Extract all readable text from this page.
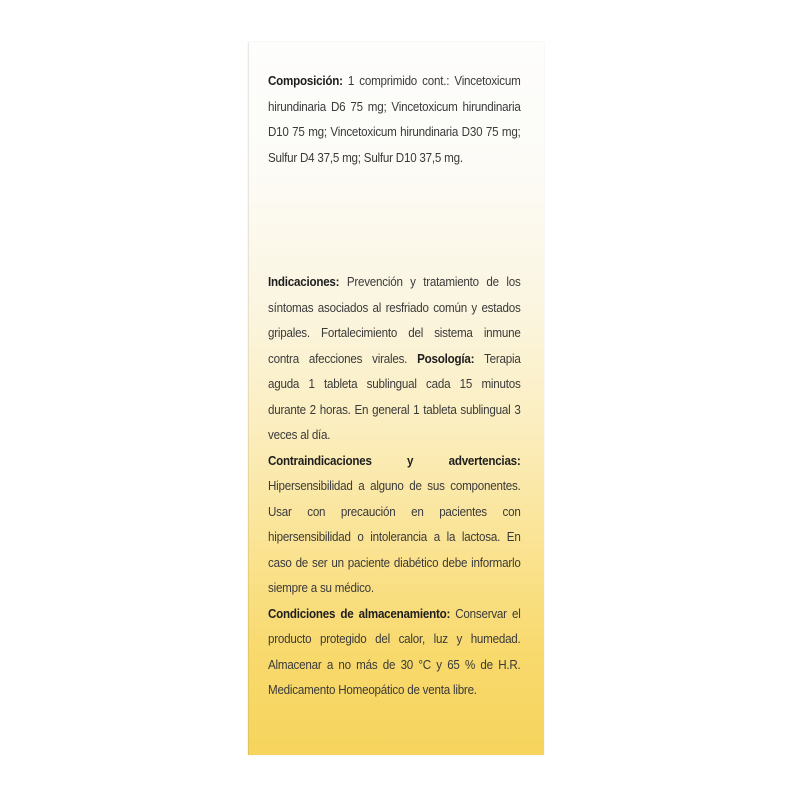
Composición: 1 comprimido cont.: Vincetoxicum hirundinaria D6 75 mg; Vincetoxicum hirundinaria D10 75 mg; Vincetoxicum hirundinaria D30 75 mg; Sulfur D4 37,5 mg; Sulfur D10 37,5 mg.

Indicaciones: Prevención y tratamiento de los síntomas asociados al resfriado común y estados gripales. Fortalecimiento del sistema inmune contra afecciones virales. Posología: Terapia aguda 1 tableta sublingual cada 15 minutos durante 2 horas. En general 1 tableta sublingual 3 veces al día.

Contraindicaciones y advertencias: Hipersensibilidad a alguno de sus componentes. Usar con precaución en pacientes con hipersensibilidad o intolerancia a la lactosa. En caso de ser un paciente diabético debe informarlo siempre a su médico.

Condiciones de almacenamiento: Conservar el producto protegido del calor, luz y humedad. Almacenar a no más de 30 °C y 65 % de H.R. Medicamento Homeopático de venta libre.
